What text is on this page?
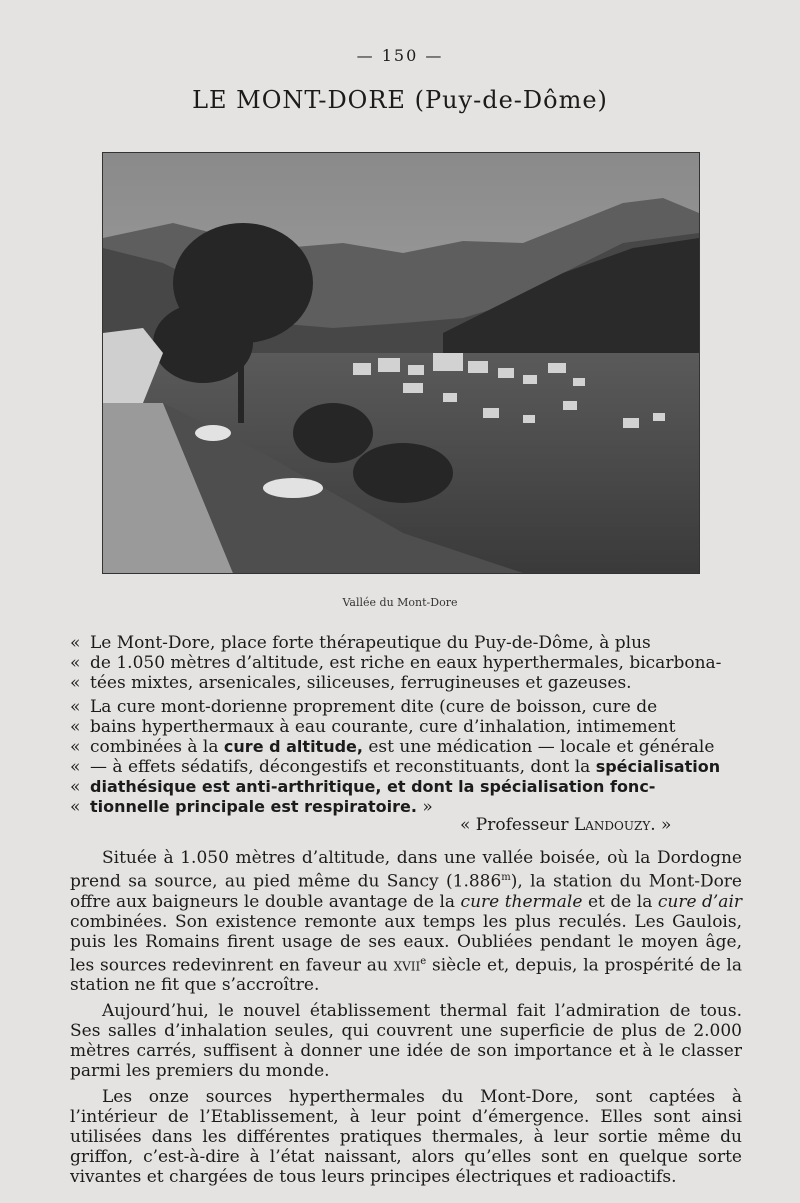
— 150 —
LE MONT-DORE (Puy-de-Dôme)
Vallée du Mont-Dore
« Le Mont-Dore, place forte thérapeutique du Puy-de-Dôme, à plus
« de 1.050 mètres d’altitude, est riche en eaux hyperthermales, bicarbona-
« tées mixtes, arsenicales, siliceuses, ferrugineuses et gazeuses.
« La cure mont-dorienne proprement dite (cure de boisson, cure de
« bains hyperthermaux à eau courante, cure d’inhalation, intimement
« combinées à la cure d altitude, est une médication — locale et générale
« — à effets sédatifs, décongestifs et reconstituants, dont la spécialisation
« diathésique est anti-arthritique, et dont la spécialisation fonc-
« tionnelle principale est respiratoire. »
« Professeur Landouzy. »

Située à 1.050 mètres d’altitude, dans une vallée boisée, où la Dordogne prend sa source, au pied même du Sancy (1.886$^m$), la station du Mont-Dore offre aux baigneurs le double avantage de la cure thermale et de la cure d’air combinées. Son existence remonte aux temps les plus reculés. Les Gaulois, puis les Romains firent usage de ses eaux. Oubliées pendant le moyen âge, les sources redevinrent en faveur au xvii$^e$ siècle et, depuis, la prospérité de la station ne fit que s’accroître.

Aujourd’hui, le nouvel établissement thermal fait l’admiration de tous. Ses salles d’inhalation seules, qui couvrent une superficie de plus de 2.000 mètres carrés, suffisent à donner une idée de son importance et à le classer parmi les premiers du monde.

Les onze sources hyperthermales du Mont-Dore, sont captées à l’intérieur de l’Etablissement, à leur point d’émergence. Elles sont ainsi utilisées dans les différentes pratiques thermales, à leur sortie même du griffon, c’est-à-dire à l’état naissant, alors qu’elles sont en quelque sorte vivantes et chargées de tous leurs principes électriques et radioactifs.
